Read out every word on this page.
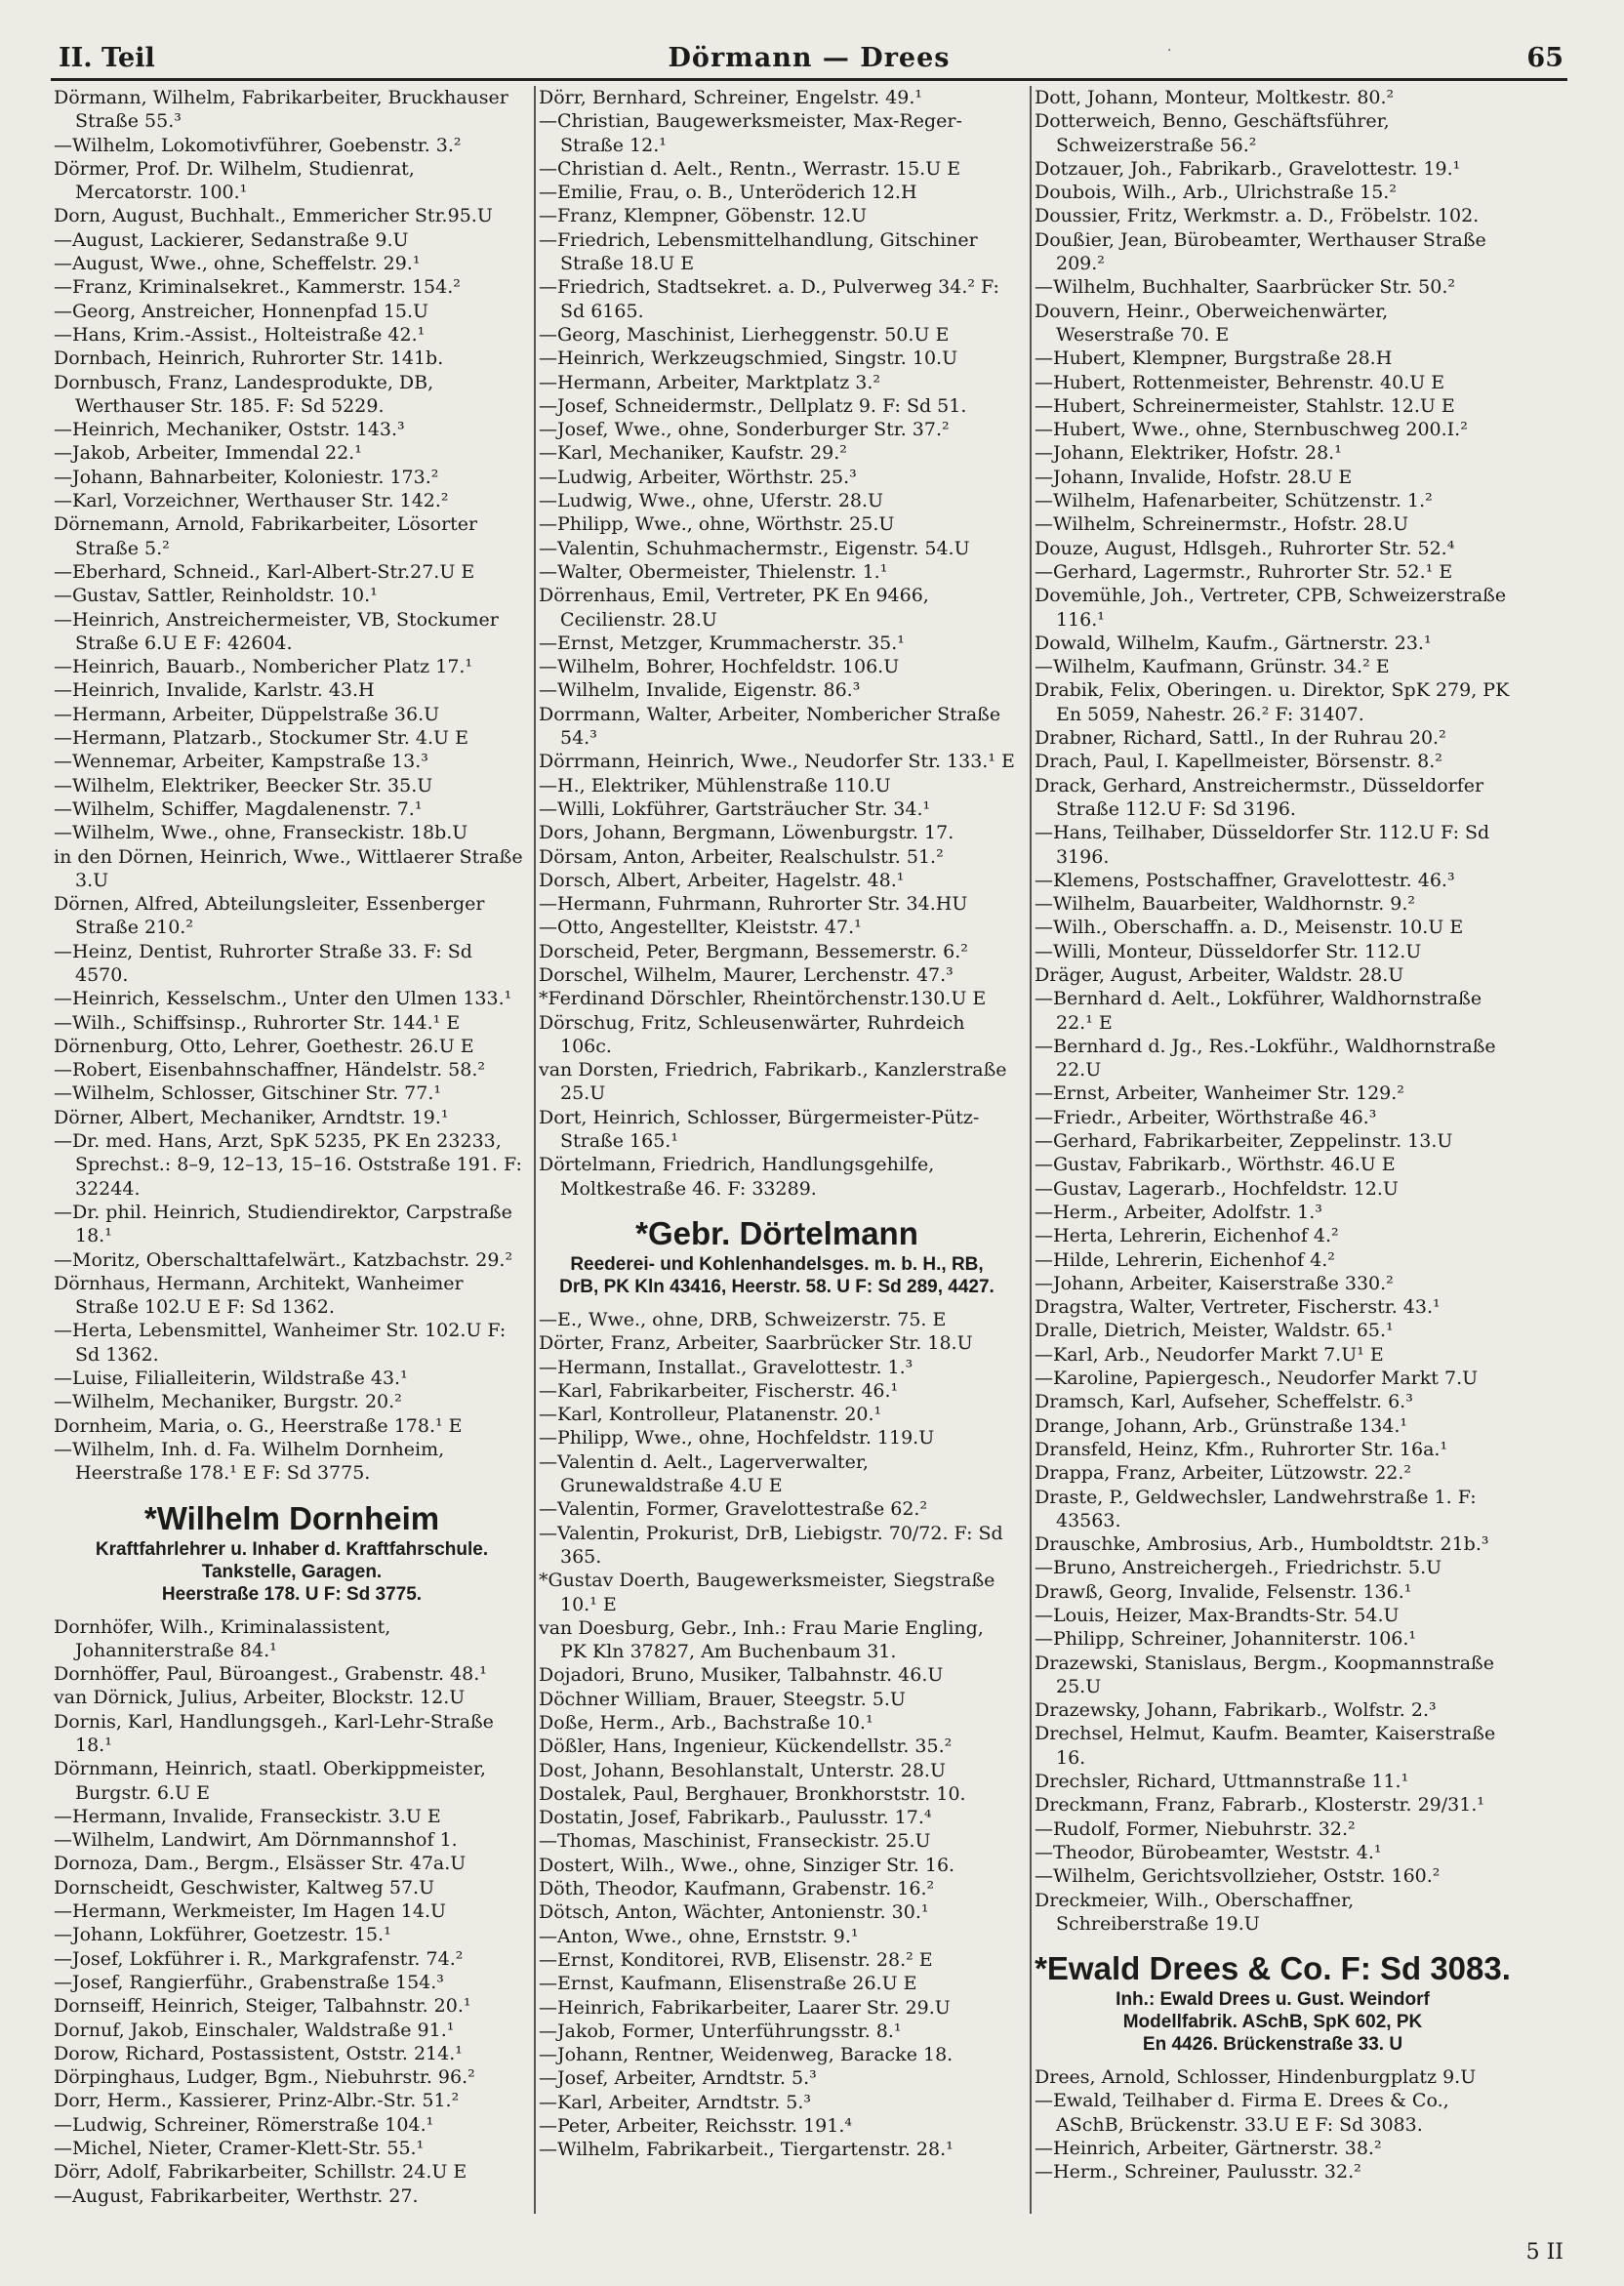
II. Teil	Dörmann — Drees	65
·

Dörmann, Wilhelm, Fabrikarbeiter, Bruckhauser Straße 55.³

—Wilhelm, Lokomotivführer, Goebenstr. 3.²

Dörmer, Prof. Dr. Wilhelm, Studienrat, Mercatorstr. 100.¹

Dorn, August, Buchhalt., Emmericher Str.95.U

—August, Lackierer, Sedanstraße 9.U

—August, Wwe., ohne, Scheffelstr. 29.¹

—Franz, Kriminalsekret., Kammerstr. 154.²

—Georg, Anstreicher, Honnenpfad 15.U

—Hans, Krim.-Assist., Holteistraße 42.¹

Dornbach, Heinrich, Ruhrorter Str. 141b.

Dornbusch, Franz, Landesprodukte, DB, Werthauser Str. 185. F: Sd 5229.

—Heinrich, Mechaniker, Oststr. 143.³

—Jakob, Arbeiter, Immendal 22.¹

—Johann, Bahnarbeiter, Koloniestr. 173.²

—Karl, Vorzeichner, Werthauser Str. 142.²

Dörnemann, Arnold, Fabrikarbeiter, Lösorter Straße 5.²

—Eberhard, Schneid., Karl-Albert-Str.27.U E

—Gustav, Sattler, Reinholdstr. 10.¹

—Heinrich, Anstreichermeister, VB, Stockumer Straße 6.U E F: 42604.

—Heinrich, Bauarb., Nombericher Platz 17.¹

—Heinrich, Invalide, Karlstr. 43.H

—Hermann, Arbeiter, Düppelstraße 36.U

—Hermann, Platzarb., Stockumer Str. 4.U E

—Wennemar, Arbeiter, Kampstraße 13.³

—Wilhelm, Elektriker, Beecker Str. 35.U

—Wilhelm, Schiffer, Magdalenenstr. 7.¹

—Wilhelm, Wwe., ohne, Franseckistr. 18b.U

in den Dörnen, Heinrich, Wwe., Wittlaerer Straße 3.U

Dörnen, Alfred, Abteilungsleiter, Essenberger Straße 210.²

—Heinz, Dentist, Ruhrorter Straße 33. F: Sd 4570.

—Heinrich, Kesselschm., Unter den Ulmen 133.¹

—Wilh., Schiffsinsp., Ruhrorter Str. 144.¹ E

Dörnenburg, Otto, Lehrer, Goethestr. 26.U E

—Robert, Eisenbahnschaffner, Händelstr. 58.²

—Wilhelm, Schlosser, Gitschiner Str. 77.¹

Dörner, Albert, Mechaniker, Arndtstr. 19.¹

—Dr. med. Hans, Arzt, SpK 5235, PK En 23233, Sprechst.: 8–9, 12–13, 15–16. Oststraße 191. F: 32244.

—Dr. phil. Heinrich, Studiendirektor, Carpstraße 18.¹

—Moritz, Oberschalttafelwärt., Katzbachstr. 29.²

Dörnhaus, Hermann, Architekt, Wanheimer Straße 102.U E F: Sd 1362.

—Herta, Lebensmittel, Wanheimer Str. 102.U F: Sd 1362.

—Luise, Filialleiterin, Wildstraße 43.¹

—Wilhelm, Mechaniker, Burgstr. 20.²

Dornheim, Maria, o. G., Heerstraße 178.¹ E

—Wilhelm, Inh. d. Fa. Wilhelm Dornheim, Heerstraße 178.¹ E F: Sd 3775.

*Wilhelm Dornheim
Kraftfahrlehrer u. Inhaber d. Kraftfahrschule. Tankstelle, Garagen.
Heerstraße 178. U F: Sd 3775.

Dornhöfer, Wilh., Kriminalassistent, Johanniterstraße 84.¹

Dornhöffer, Paul, Büroangest., Grabenstr. 48.¹

van Dörnick, Julius, Arbeiter, Blockstr. 12.U

Dornis, Karl, Handlungsgeh., Karl-Lehr-Straße 18.¹

Dörnmann, Heinrich, staatl. Oberkippmeister, Burgstr. 6.U E

—Hermann, Invalide, Franseckistr. 3.U E

—Wilhelm, Landwirt, Am Dörnmannshof 1.

Dornoza, Dam., Bergm., Elsässer Str. 47a.U

Dornscheidt, Geschwister, Kaltweg 57.U

—Hermann, Werkmeister, Im Hagen 14.U

—Johann, Lokführer, Goetzestr. 15.¹

—Josef, Lokführer i. R., Markgrafenstr. 74.²

—Josef, Rangierführ., Grabenstraße 154.³

Dornseiff, Heinrich, Steiger, Talbahnstr. 20.¹

Dornuf, Jakob, Einschaler, Waldstraße 91.¹

Dorow, Richard, Postassistent, Oststr. 214.¹

Dörpinghaus, Ludger, Bgm., Niebuhrstr. 96.²

Dorr, Herm., Kassierer, Prinz-Albr.-Str. 51.²

—Ludwig, Schreiner, Römerstraße 104.¹

—Michel, Nieter, Cramer-Klett-Str. 55.¹

Dörr, Adolf, Fabrikarbeiter, Schillstr. 24.U E

—August, Fabrikarbeiter, Werthstr. 27.

Dörr, Bernhard, Schreiner, Engelstr. 49.¹

—Christian, Baugewerksmeister, Max-Reger-Straße 12.¹

—Christian d. Aelt., Rentn., Werrastr. 15.U E

—Emilie, Frau, o. B., Unteröderich 12.H

—Franz, Klempner, Göbenstr. 12.U

—Friedrich, Lebensmittelhandlung, Gitschiner Straße 18.U E

—Friedrich, Stadtsekret. a. D., Pulverweg 34.² F: Sd 6165.

—Georg, Maschinist, Lierheggenstr. 50.U E

—Heinrich, Werkzeugschmied, Singstr. 10.U

—Hermann, Arbeiter, Marktplatz 3.²

—Josef, Schneidermstr., Dellplatz 9. F: Sd 51.

—Josef, Wwe., ohne, Sonderburger Str. 37.²

—Karl, Mechaniker, Kaufstr. 29.²

—Ludwig, Arbeiter, Wörthstr. 25.³

—Ludwig, Wwe., ohne, Uferstr. 28.U

—Philipp, Wwe., ohne, Wörthstr. 25.U

—Valentin, Schuhmachermstr., Eigenstr. 54.U

—Walter, Obermeister, Thielenstr. 1.¹

Dörrenhaus, Emil, Vertreter, PK En 9466, Cecilienstr. 28.U

—Ernst, Metzger, Krummacherstr. 35.¹

—Wilhelm, Bohrer, Hochfeldstr. 106.U

—Wilhelm, Invalide, Eigenstr. 86.³

Dorrmann, Walter, Arbeiter, Nombericher Straße 54.³

Dörrmann, Heinrich, Wwe., Neudorfer Str. 133.¹ E

—H., Elektriker, Mühlenstraße 110.U

—Willi, Lokführer, Gartsträucher Str. 34.¹

Dors, Johann, Bergmann, Löwenburgstr. 17.

Dörsam, Anton, Arbeiter, Realschulstr. 51.²

Dorsch, Albert, Arbeiter, Hagelstr. 48.¹

—Hermann, Fuhrmann, Ruhrorter Str. 34.HU

—Otto, Angestellter, Kleiststr. 47.¹

Dorscheid, Peter, Bergmann, Bessemerstr. 6.²

Dorschel, Wilhelm, Maurer, Lerchenstr. 47.³

*Ferdinand Dörschler, Rheintörchenstr.130.U E

Dörschug, Fritz, Schleusenwärter, Ruhrdeich 106c.

van Dorsten, Friedrich, Fabrikarb., Kanzlerstraße 25.U

Dort, Heinrich, Schlosser, Bürgermeister-Pütz-Straße 165.¹

Dörtelmann, Friedrich, Handlungsgehilfe, Moltkestraße 46. F: 33289.

*Gebr. Dörtelmann
Reederei- und Kohlenhandelsges. m. b. H., RB,
DrB, PK Kln 43416, Heerstr. 58. U F: Sd 289, 4427.

—E., Wwe., ohne, DRB, Schweizerstr. 75. E

Dörter, Franz, Arbeiter, Saarbrücker Str. 18.U

—Hermann, Installat., Gravelottestr. 1.³

—Karl, Fabrikarbeiter, Fischerstr. 46.¹

—Karl, Kontrolleur, Platanenstr. 20.¹

—Philipp, Wwe., ohne, Hochfeldstr. 119.U

—Valentin d. Aelt., Lagerverwalter, Grunewaldstraße 4.U E

—Valentin, Former, Gravelottestraße 62.²

—Valentin, Prokurist, DrB, Liebigstr. 70/72. F: Sd 365.

*Gustav Doerth, Baugewerksmeister, Siegstraße 10.¹ E

van Doesburg, Gebr., Inh.: Frau Marie Engling, PK Kln 37827, Am Buchenbaum 31.

Dojadori, Bruno, Musiker, Talbahnstr. 46.U

Döchner William, Brauer, Steegstr. 5.U

Doße, Herm., Arb., Bachstraße 10.¹

Dößler, Hans, Ingenieur, Kückendellstr. 35.²

Dost, Johann, Besohlanstalt, Unterstr. 28.U

Dostalek, Paul, Berghauer, Bronkhorststr. 10.

Dostatin, Josef, Fabrikarb., Paulusstr. 17.⁴

—Thomas, Maschinist, Franseckistr. 25.U

Dostert, Wilh., Wwe., ohne, Sinziger Str. 16.

Döth, Theodor, Kaufmann, Grabenstr. 16.²

Dötsch, Anton, Wächter, Antonienstr. 30.¹

—Anton, Wwe., ohne, Ernststr. 9.¹

—Ernst, Konditorei, RVB, Elisenstr. 28.² E

—Ernst, Kaufmann, Elisenstraße 26.U E

—Heinrich, Fabrikarbeiter, Laarer Str. 29.U

—Jakob, Former, Unterführungsstr. 8.¹

—Johann, Rentner, Weidenweg, Baracke 18.

—Josef, Arbeiter, Arndtstr. 5.³

—Karl, Arbeiter, Arndtstr. 5.³

—Peter, Arbeiter, Reichsstr. 191.⁴

—Wilhelm, Fabrikarbeit., Tiergartenstr. 28.¹

Dott, Johann, Monteur, Moltkestr. 80.²

Dotterweich, Benno, Geschäftsführer, Schweizerstraße 56.²

Dotzauer, Joh., Fabrikarb., Gravelottestr. 19.¹

Doubois, Wilh., Arb., Ulrichstraße 15.²

Doussier, Fritz, Werkmstr. a. D., Fröbelstr. 102.

Doußier, Jean, Bürobeamter, Werthauser Straße 209.²

—Wilhelm, Buchhalter, Saarbrücker Str. 50.²

Douvern, Heinr., Oberweichenwärter, Weserstraße 70. E

—Hubert, Klempner, Burgstraße 28.H

—Hubert, Rottenmeister, Behrenstr. 40.U E

—Hubert, Schreinermeister, Stahlstr. 12.U E

—Hubert, Wwe., ohne, Sternbuschweg 200.I.²

—Johann, Elektriker, Hofstr. 28.¹

—Johann, Invalide, Hofstr. 28.U E

—Wilhelm, Hafenarbeiter, Schützenstr. 1.²

—Wilhelm, Schreinermstr., Hofstr. 28.U

Douze, August, Hdlsgeh., Ruhrorter Str. 52.⁴

—Gerhard, Lagermstr., Ruhrorter Str. 52.¹ E

Dovemühle, Joh., Vertreter, CPB, Schweizerstraße 116.¹

Dowald, Wilhelm, Kaufm., Gärtnerstr. 23.¹

—Wilhelm, Kaufmann, Grünstr. 34.² E

Drabik, Felix, Oberingen. u. Direktor, SpK 279, PK En 5059, Nahestr. 26.² F: 31407.

Drabner, Richard, Sattl., In der Ruhrau 20.²

Drach, Paul, I. Kapellmeister, Börsenstr. 8.²

Drack, Gerhard, Anstreichermstr., Düsseldorfer Straße 112.U F: Sd 3196.

—Hans, Teilhaber, Düsseldorfer Str. 112.U F: Sd 3196.

—Klemens, Postschaffner, Gravelottestr. 46.³

—Wilhelm, Bauarbeiter, Waldhornstr. 9.²

—Wilh., Oberschaffn. a. D., Meisenstr. 10.U E

—Willi, Monteur, Düsseldorfer Str. 112.U

Dräger, August, Arbeiter, Waldstr. 28.U

—Bernhard d. Aelt., Lokführer, Waldhornstraße 22.¹ E

—Bernhard d. Jg., Res.-Lokführ., Waldhornstraße 22.U

—Ernst, Arbeiter, Wanheimer Str. 129.²

—Friedr., Arbeiter, Wörthstraße 46.³

—Gerhard, Fabrikarbeiter, Zeppelinstr. 13.U

—Gustav, Fabrikarb., Wörthstr. 46.U E

—Gustav, Lagerarb., Hochfeldstr. 12.U

—Herm., Arbeiter, Adolfstr. 1.³

—Herta, Lehrerin, Eichenhof 4.²

—Hilde, Lehrerin, Eichenhof 4.²

—Johann, Arbeiter, Kaiserstraße 330.²

Dragstra, Walter, Vertreter, Fischerstr. 43.¹

Dralle, Dietrich, Meister, Waldstr. 65.¹

—Karl, Arb., Neudorfer Markt 7.U¹ E

—Karoline, Papiergesch., Neudorfer Markt 7.U

Dramsch, Karl, Aufseher, Scheffelstr. 6.³

Drange, Johann, Arb., Grünstraße 134.¹

Dransfeld, Heinz, Kfm., Ruhrorter Str. 16a.¹

Drappa, Franz, Arbeiter, Lützowstr. 22.²

Draste, P., Geldwechsler, Landwehrstraße 1. F: 43563.

Drauschke, Ambrosius, Arb., Humboldtstr. 21b.³

—Bruno, Anstreichergeh., Friedrichstr. 5.U

Drawß, Georg, Invalide, Felsenstr. 136.¹

—Louis, Heizer, Max-Brandts-Str. 54.U

—Philipp, Schreiner, Johanniterstr. 106.¹

Drazewski, Stanislaus, Bergm., Koopmannstraße 25.U

Drazewsky, Johann, Fabrikarb., Wolfstr. 2.³

Drechsel, Helmut, Kaufm. Beamter, Kaiserstraße 16.

Drechsler, Richard, Uttmannstraße 11.¹

Dreckmann, Franz, Fabrarb., Klosterstr. 29/31.¹

—Rudolf, Former, Niebuhrstr. 32.²

—Theodor, Bürobeamter, Weststr. 4.¹

—Wilhelm, Gerichtsvollzieher, Oststr. 160.²

Dreckmeier, Wilh., Oberschaffner, Schreiberstraße 19.U

*Ewald Drees & Co. F: Sd 3083.
Inh.: Ewald Drees u. Gust. Weindorf
Modellfabrik. ASchB, SpK 602, PK
En 4426. Brückenstraße 33. U

Drees, Arnold, Schlosser, Hindenburgplatz 9.U

—Ewald, Teilhaber d. Firma E. Drees & Co., ASchB, Brückenstr. 33.U E F: Sd 3083.

—Heinrich, Arbeiter, Gärtnerstr. 38.²

—Herm., Schreiner, Paulusstr. 32.²

5 II
